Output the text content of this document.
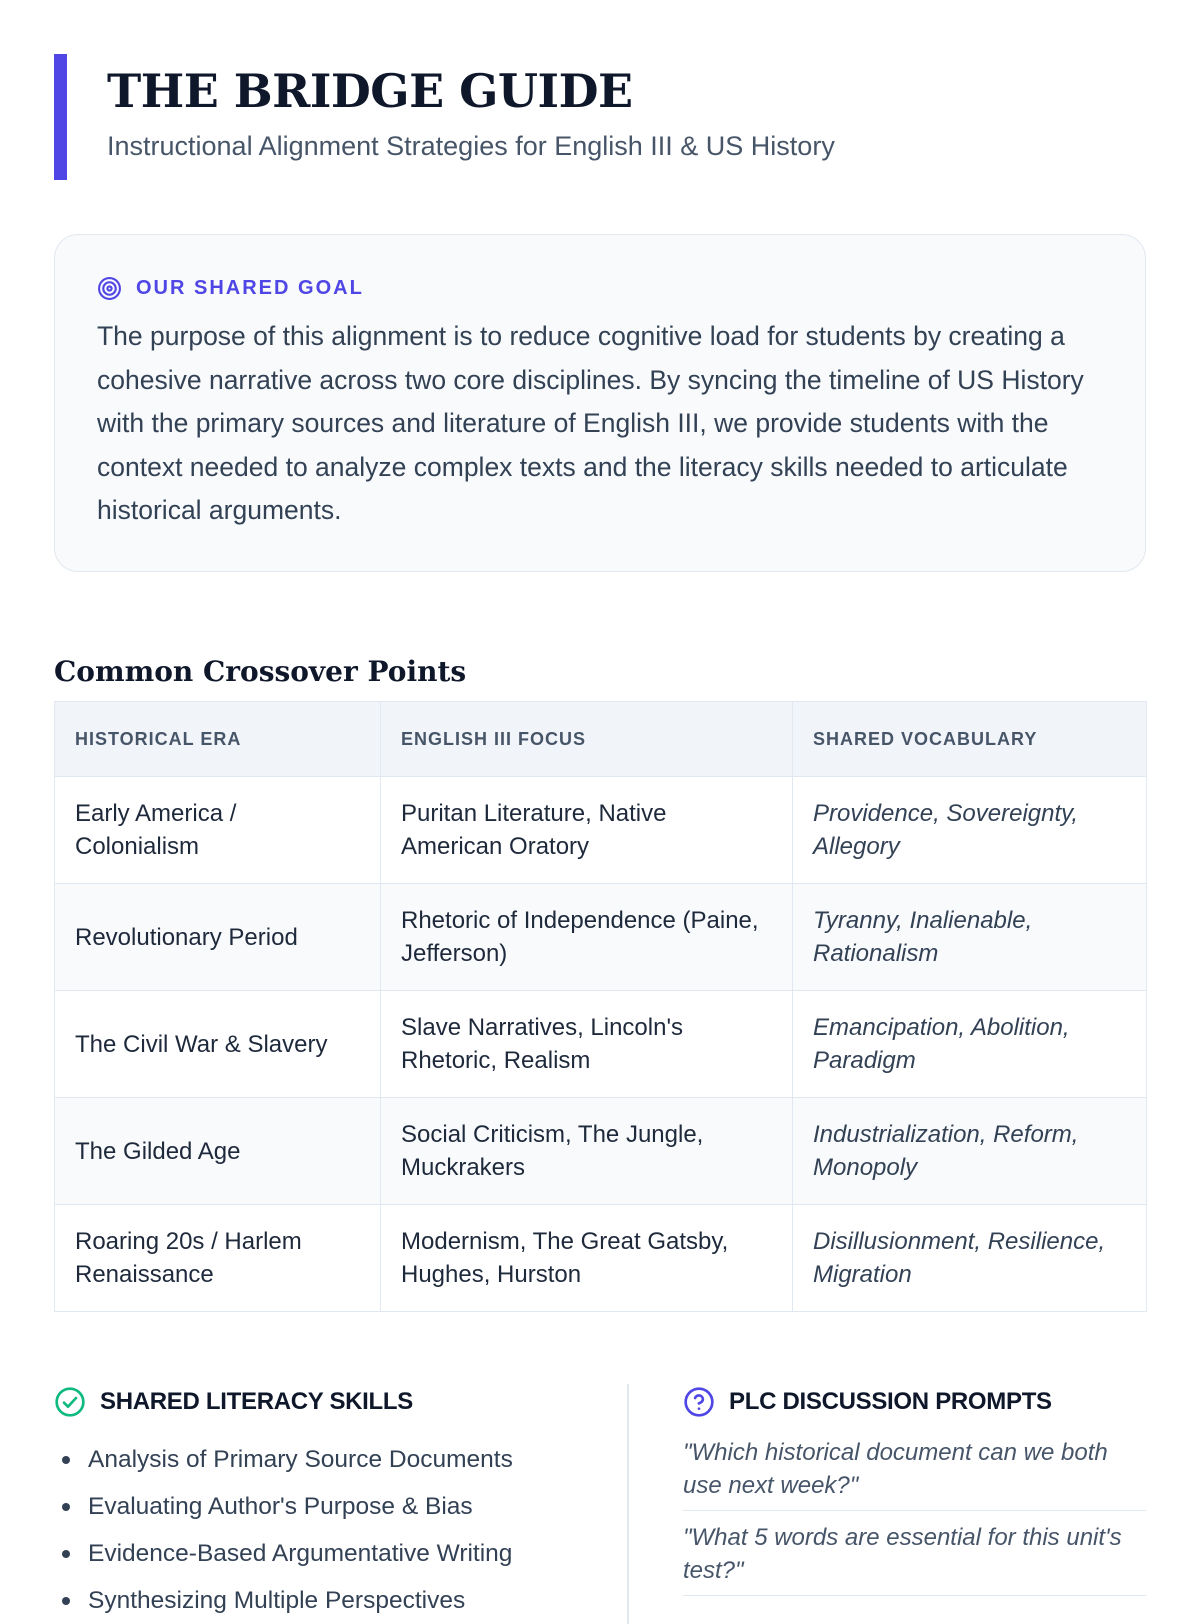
THE BRIDGE GUIDE
Instructional Alignment Strategies for English III & US History
OUR SHARED GOAL

The purpose of this alignment is to reduce cognitive load for students by creating a cohesive narrative across two core disciplines. By syncing the timeline of US History with the primary sources and literature of English III, we provide students with the context needed to analyze complex texts and the literacy skills needed to articulate historical arguments.

Common Crossover Points
HISTORICAL ERA	ENGLISH III FOCUS	SHARED VOCABULARY
Early America / Colonialism	Puritan Literature, Native American Oratory	Providence, Sovereignty, Allegory
Revolutionary Period	Rhetoric of Independence (Paine, Jefferson)	Tyranny, Inalienable, Rationalism
The Civil War & Slavery	Slave Narratives, Lincoln's Rhetoric, Realism	Emancipation, Abolition, Paradigm
The Gilded Age	Social Criticism, The Jungle, Muckrakers	Industrialization, Reform, Monopoly
Roaring 20s / Harlem Renaissance	Modernism, The Great Gatsby, Hughes, Hurston	Disillusionment, Resilience, Migration
SHARED LITERACY SKILLS
Analysis of Primary Source Documents
Evaluating Author's Purpose & Bias
Evidence-Based Argumentative Writing
Synthesizing Multiple Perspectives
PLC DISCUSSION PROMPTS
"Which historical document can we both use next week?"
"What 5 words are essential for this unit's test?"
